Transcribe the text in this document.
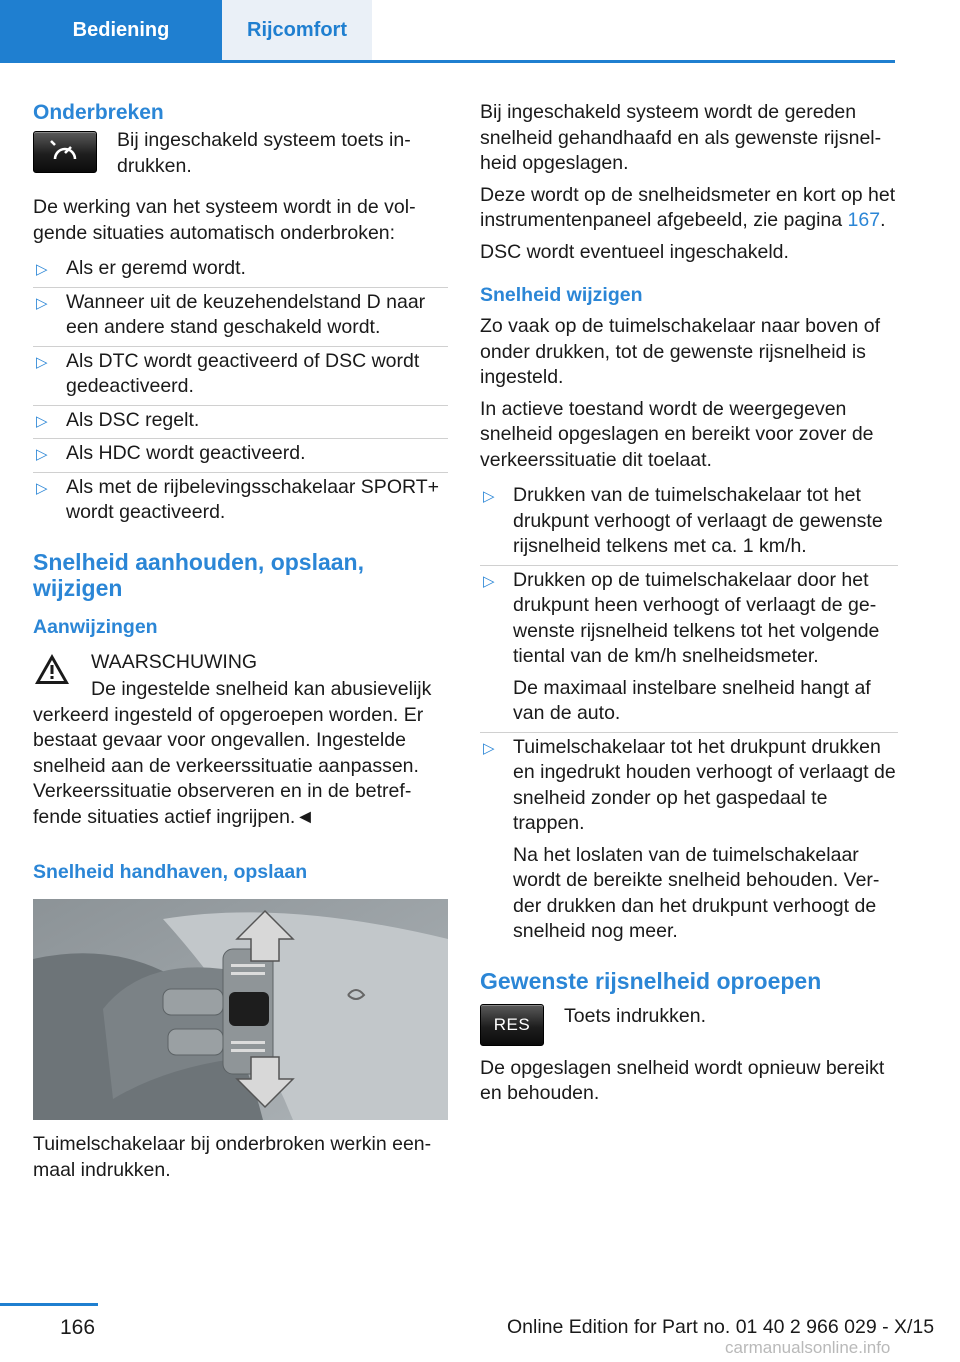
Bediening	Rijcomfort
Onderbreken

Bij ingeschakeld systeem toets indrukken.

De werking van het systeem wordt in de volgende situaties automatisch onderbroken:

▷ Als er geremd wordt.
▷ Wanneer uit de keuzehendelstand D naar een andere stand geschakeld wordt.
▷ Als DTC wordt geactiveerd of DSC wordt gedeactiveerd.
▷ Als DSC regelt.
▷ Als HDC wordt geactiveerd.
▷ Als met de rijbelevingsschakelaar SPORT+ wordt geactiveerd.
Snelheid aanhouden, opslaan, wijzigen
Aanwijzingen

WAARSCHUWING

De ingestelde snelheid kan abusievelijk

verkeerd ingesteld of opgeroepen worden. Er bestaat gevaar voor ongevallen. Ingestelde snelheid aan de verkeerssituatie aanpassen. Verkeerssituatie observeren en in de betreffende situaties actief ingrijpen.◄

Snelheid handhaven, opslaan

Tuimelschakelaar bij onderbroken werkin eenmaal indrukken.

Bij ingeschakeld systeem wordt de gereden snelheid gehandhaafd en als gewenste rijsnelheid opgeslagen.

Deze wordt op de snelheidsmeter en kort op het instrumentenpaneel afgebeeld, zie pagina 167.

DSC wordt eventueel ingeschakeld.

Snelheid wijzigen

Zo vaak op de tuimelschakelaar naar boven of onder drukken, tot de gewenste rijsnelheid is ingesteld.

In actieve toestand wordt de weergegeven snelheid opgeslagen en bereikt voor zover de verkeerssituatie dit toelaat.

▷ Drukken van de tuimelschakelaar tot het drukpunt verhoogt of verlaagt de gewenste rijsnelheid telkens met ca. 1 km/h.
▷ Drukken op de tuimelschakelaar door het drukpunt heen verhoogt of verlaagt de gewenste rijsnelheid telkens tot het volgende tiental van de km/h snelheidsmeter.

De maximaal instelbare snelheid hangt af van de auto.

▷ Tuimelschakelaar tot het drukpunt drukken en ingedrukt houden verhoogt of verlaagt de snelheid zonder op het gaspedaal te trappen.

Na het loslaten van de tuimelschakelaar wordt de bereikte snelheid behouden. Verder drukken dan het drukpunt verhoogt de snelheid nog meer.

Gewenste rijsnelheid oproepen
RES Toets indrukken.

De opgeslagen snelheid wordt opnieuw bereikt en behouden.

166	Online Edition for Part no. 01 40 2 966 029 - X/15
carmanualsonline.info
